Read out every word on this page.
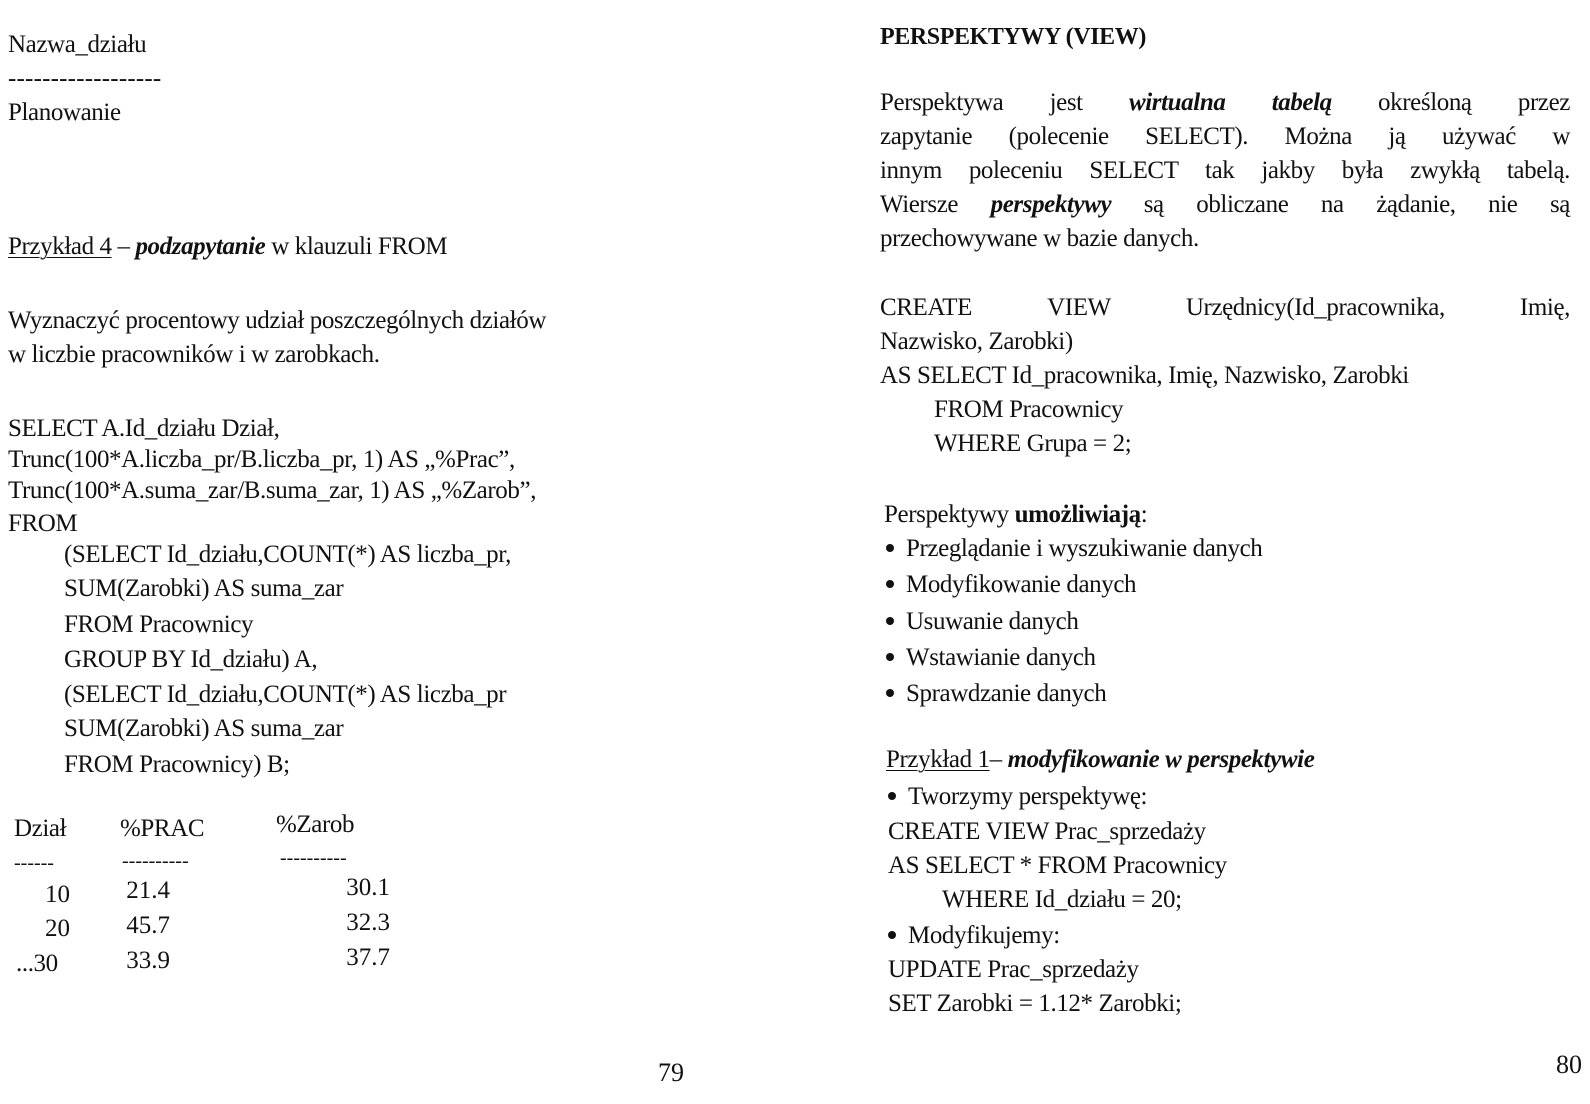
Nazwa_działu
------------------
Planowanie
Przykład 4 – podzapytanie w klauzuli FROM
Wyznaczyć procentowy udział poszczególnych działów
w liczbie pracowników i w zarobkach.
SELECT A.Id_działu Dział,
Trunc(100*A.liczba_pr/B.liczba_pr, 1) AS „%Prac”,
Trunc(100*A.suma_zar/B.suma_zar, 1) AS „%Zarob”,
FROM
(SELECT Id_działu,COUNT(*) AS liczba_pr,
SUM(Zarobki) AS suma_zar
FROM Pracownicy
GROUP BY Id_działu) A,
(SELECT Id_działu,COUNT(*) AS liczba_pr
SUM(Zarobki) AS suma_zar
FROM Pracownicy) B;
Dział %PRAC	%Zarob
------	----------	----------
10	21.4	30.1
20	45.7	32.3
...30	33.9	37.7
79
PERSPEKTYWY (VIEW)
Perspektywa jest wirtualna tabelą określoną przez
zapytanie (polecenie SELECT). Można ją używać w
innym poleceniu SELECT tak jakby była zwykłą tabelą.
Wiersze perspektywy są obliczane na żądanie, nie są
przechowywane w bazie danych.
CREATE	VIEW	Urzędnicy(Id_pracownika,	Imię,
Nazwisko, Zarobki)
AS SELECT Id_pracownika, Imię, Nazwisko, Zarobki
FROM Pracownicy
WHERE Grupa = 2;
Perspektywy umożliwiają:
Przeglądanie i wyszukiwanie danych
Modyfikowanie danych
Usuwanie danych
Wstawianie danych
Sprawdzanie danych
Przykład 1– modyfikowanie w perspektywie
Tworzymy perspektywę:
CREATE VIEW Prac_sprzedaży
AS SELECT * FROM Pracownicy
WHERE Id_działu = 20;
Modyfikujemy:
UPDATE Prac_sprzedaży
SET Zarobki = 1.12* Zarobki;
80
